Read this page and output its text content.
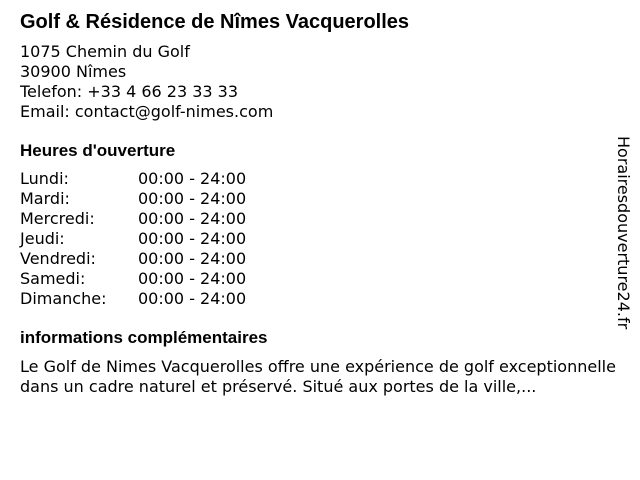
Golf & Résidence de Nîmes Vacquerolles
1075 Chemin du Golf
30900 Nîmes
Telefon: +33 4 66 23 33 33
Email: contact@golf-nimes.com
Heures d'ouverture
Lundi:	00:00 - 24:00
Mardi:	00:00 - 24:00
Mercredi:	00:00 - 24:00
Jeudi:	00:00 - 24:00
Vendredi:	00:00 - 24:00
Samedi:	00:00 - 24:00
Dimanche:	00:00 - 24:00
informations complémentaires
Le Golf de Nimes Vacquerolles offre une expérience de golf exceptionnelle dans un cadre naturel et préservé. Situé aux portes de la ville,...
Horairesdouverture24.fr
